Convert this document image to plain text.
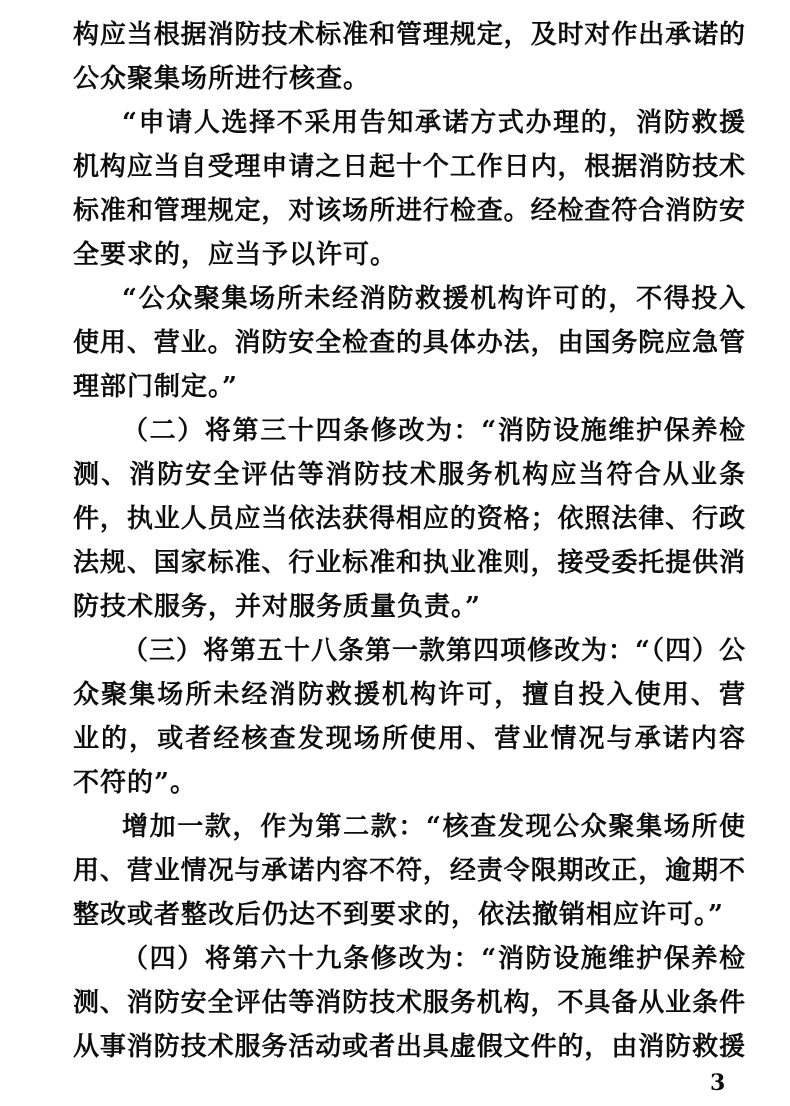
构应当根据消防技术标准和管理规定，及时对作出承诺的
公众聚集场所进行核查。
“申请人选择不采用告知承诺方式办理的，消防救援
机构应当自受理申请之日起十个工作日内，根据消防技术
标准和管理规定，对该场所进行检查。经检查符合消防安
全要求的，应当予以许可。
“公众聚集场所未经消防救援机构许可的，不得投入
使用、营业。消防安全检查的具体办法，由国务院应急管
理部门制定。”
（二）将第三十四条修改为：“消防设施维护保养检
测、消防安全评估等消防技术服务机构应当符合从业条
件，执业人员应当依法获得相应的资格；依照法律、行政
法规、国家标准、行业标准和执业准则，接受委托提供消
防技术服务，并对服务质量负责。”
（三）将第五十八条第一款第四项修改为：“（四）公
众聚集场所未经消防救援机构许可，擅自投入使用、营
业的，或者经核查发现场所使用、营业情况与承诺内容
不符的”。
增加一款，作为第二款：“核查发现公众聚集场所使
用、营业情况与承诺内容不符，经责令限期改正，逾期不
整改或者整改后仍达不到要求的，依法撤销相应许可。”
（四）将第六十九条修改为：“消防设施维护保养检
测、消防安全评估等消防技术服务机构，不具备从业条件
从事消防技术服务活动或者出具虚假文件的，由消防救援
3
